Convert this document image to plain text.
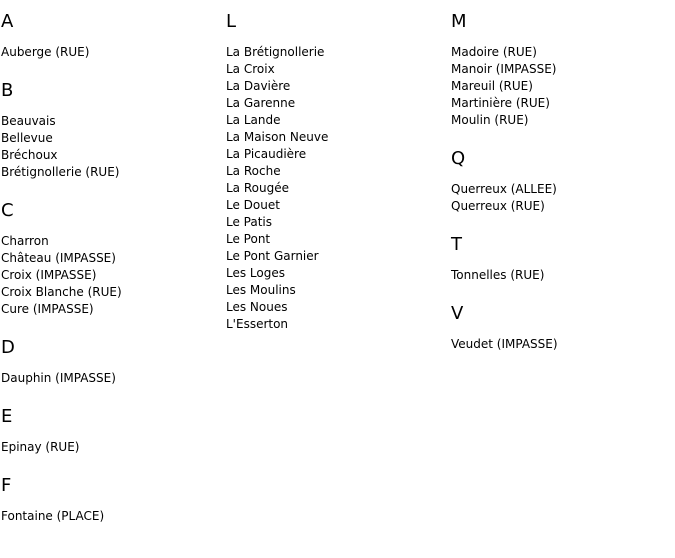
A
Auberge (RUE)
B
Beauvais
Bellevue
Bréchoux
Brétignollerie (RUE)
C
Charron
Château (IMPASSE)
Croix (IMPASSE)
Croix Blanche (RUE)
Cure (IMPASSE)
D
Dauphin (IMPASSE)
E
Epinay (RUE)
F
Fontaine (PLACE)
L
La Brétignollerie
La Croix
La Davière
La Garenne
La Lande
La Maison Neuve
La Picaudière
La Roche
La Rougée
Le Douet
Le Patis
Le Pont
Le Pont Garnier
Les Loges
Les Moulins
Les Noues
L'Esserton
M
Madoire (RUE)
Manoir (IMPASSE)
Mareuil (RUE)
Martinière (RUE)
Moulin (RUE)
Q
Querreux (ALLEE)
Querreux (RUE)
T
Tonnelles (RUE)
V
Veudet (IMPASSE)
